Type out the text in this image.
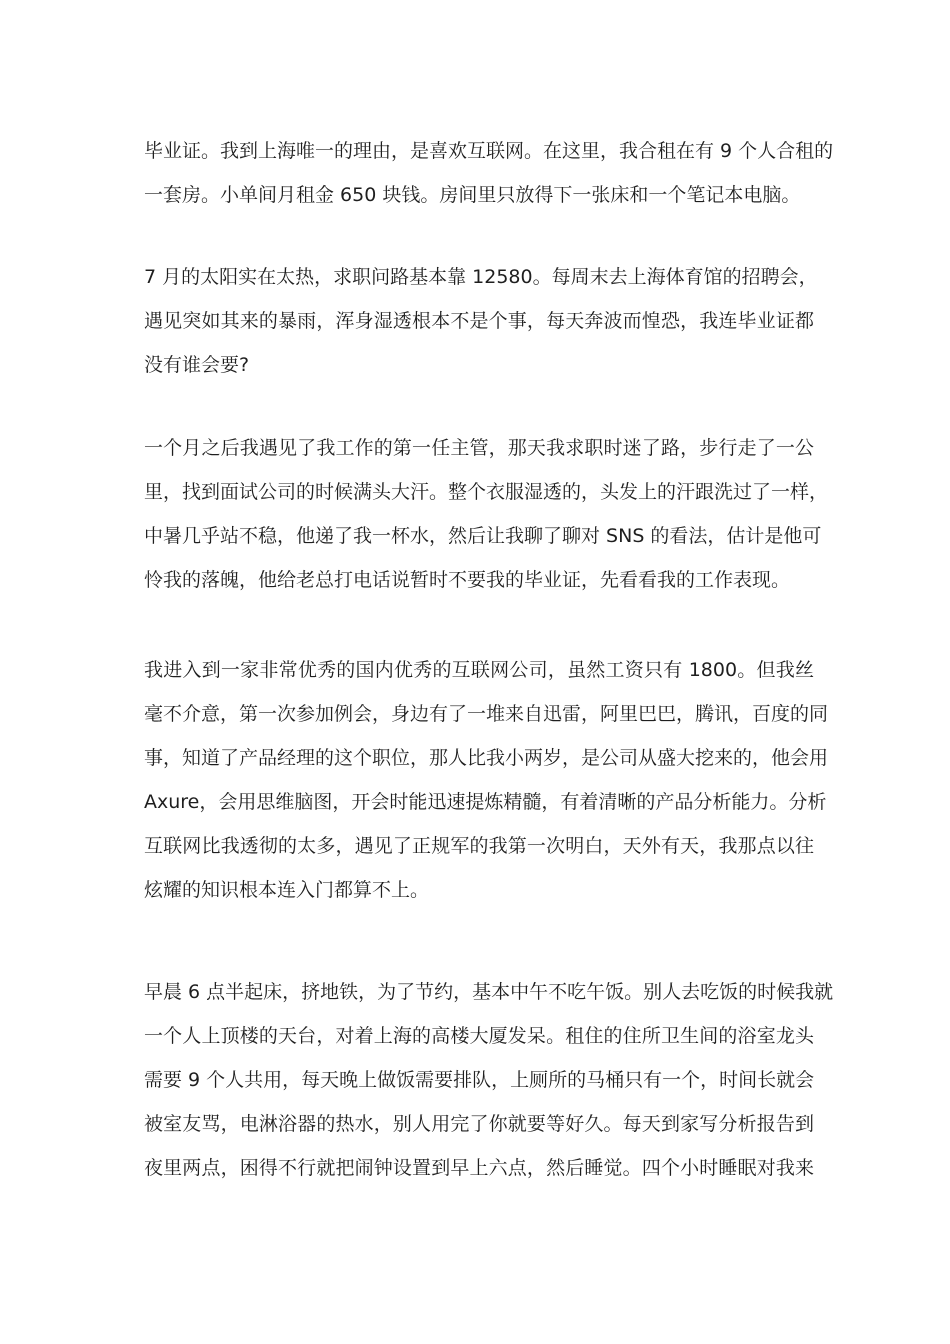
毕业证。我到上海唯一的理由，是喜欢互联网。在这里，我合租在有 9 个人合租的
一套房。小单间月租金 650 块钱。房间里只放得下一张床和一个笔记本电脑。

7 月的太阳实在太热，求职问路基本靠 12580。每周末去上海体育馆的招聘会，
遇见突如其来的暴雨，浑身湿透根本不是个事，每天奔波而惶恐，我连毕业证都
没有谁会要?

一个月之后我遇见了我工作的第一任主管，那天我求职时迷了路，步行走了一公
里，找到面试公司的时候满头大汗。整个衣服湿透的，头发上的汗跟洗过了一样，
中暑几乎站不稳，他递了我一杯水，然后让我聊了聊对 SNS 的看法，估计是他可
怜我的落魄，他给老总打电话说暂时不要我的毕业证，先看看我的工作表现。

我进入到一家非常优秀的国内优秀的互联网公司，虽然工资只有 1800。但我丝
毫不介意，第一次参加例会，身边有了一堆来自迅雷，阿里巴巴，腾讯，百度的同
事，知道了产品经理的这个职位，那人比我小两岁，是公司从盛大挖来的，他会用
Axure，会用思维脑图，开会时能迅速提炼精髓，有着清晰的产品分析能力。分析
互联网比我透彻的太多，遇见了正规军的我第一次明白，天外有天，我那点以往
炫耀的知识根本连入门都算不上。

早晨 6 点半起床，挤地铁，为了节约，基本中午不吃午饭。别人去吃饭的时候我就
一个人上顶楼的天台，对着上海的高楼大厦发呆。租住的住所卫生间的浴室龙头
需要 9 个人共用，每天晚上做饭需要排队，上厕所的马桶只有一个，时间长就会
被室友骂，电淋浴器的热水，别人用完了你就要等好久。每天到家写分析报告到
夜里两点，困得不行就把闹钟设置到早上六点，然后睡觉。四个小时睡眠对我来
